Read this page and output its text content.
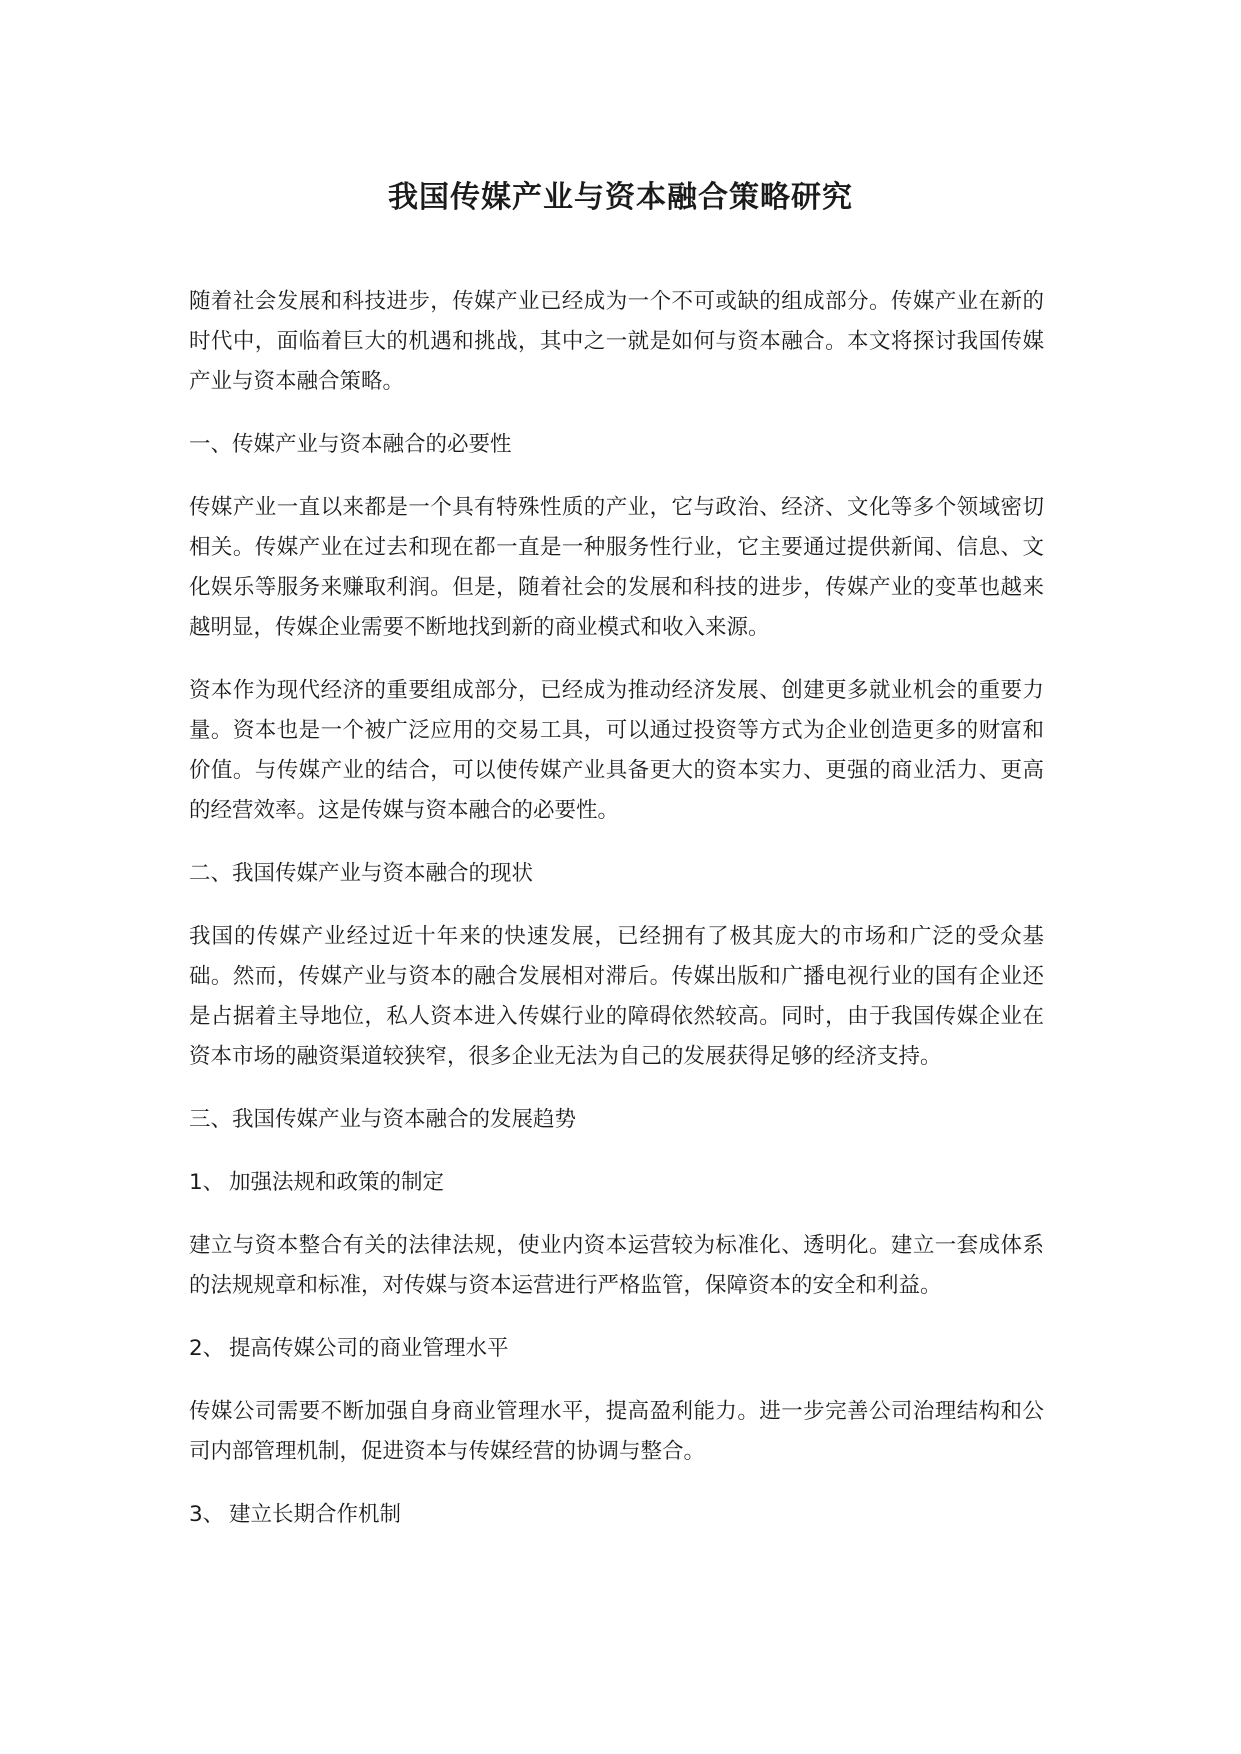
我国传媒产业与资本融合策略研究

随着社会发展和科技进步，传媒产业已经成为一个不可或缺的组成部分。传媒产业在新的时代中，面临着巨大的机遇和挑战，其中之一就是如何与资本融合。本文将探讨我国传媒产业与资本融合策略。

一、传媒产业与资本融合的必要性

传媒产业一直以来都是一个具有特殊性质的产业，它与政治、经济、文化等多个领域密切相关。传媒产业在过去和现在都一直是一种服务性行业，它主要通过提供新闻、信息、文化娱乐等服务来赚取利润。但是，随着社会的发展和科技的进步，传媒产业的变革也越来越明显，传媒企业需要不断地找到新的商业模式和收入来源。

资本作为现代经济的重要组成部分，已经成为推动经济发展、创建更多就业机会的重要力量。资本也是一个被广泛应用的交易工具，可以通过投资等方式为企业创造更多的财富和价值。与传媒产业的结合，可以使传媒产业具备更大的资本实力、更强的商业活力、更高的经营效率。这是传媒与资本融合的必要性。

二、我国传媒产业与资本融合的现状

我国的传媒产业经过近十年来的快速发展，已经拥有了极其庞大的市场和广泛的受众基础。然而，传媒产业与资本的融合发展相对滞后。传媒出版和广播电视行业的国有企业还是占据着主导地位，私人资本进入传媒行业的障碍依然较高。同时，由于我国传媒企业在资本市场的融资渠道较狭窄，很多企业无法为自己的发展获得足够的经济支持。

三、我国传媒产业与资本融合的发展趋势

1、 加强法规和政策的制定

建立与资本整合有关的法律法规，使业内资本运营较为标准化、透明化。建立一套成体系的法规规章和标准，对传媒与资本运营进行严格监管，保障资本的安全和利益。

2、 提高传媒公司的商业管理水平

传媒公司需要不断加强自身商业管理水平，提高盈利能力。进一步完善公司治理结构和公司内部管理机制，促进资本与传媒经营的协调与整合。

3、 建立长期合作机制
